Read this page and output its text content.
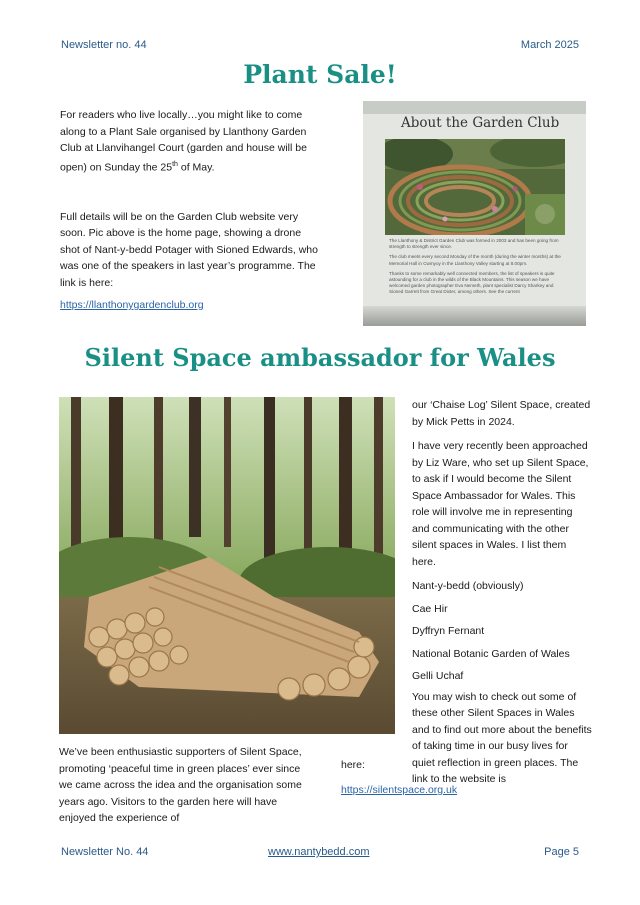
Newsletter no. 44	March 2025
Plant Sale!

For readers who live locally…you might like to come along to a Plant Sale organised by Llanthony Garden Club at Llanvihangel Court (garden and house will be open) on Sunday the 25th of May.

Full details will be on the Garden Club website very soon. Pic above is the home page, showing a drone shot of Nant-y-bedd Potager with Sioned Edwards, who was one of the speakers in last year’s programme. The link is here:

https://llanthonygardenclub.org

About the Garden Club
The Llanthony & District Garden Club was formed in 2003 and has been going from strength to strength ever since.
The club meets every second Monday of the month (during the winter months) at the Memorial Hall in Cwmyoy in the Llanthony Valley starting at 8.00pm.
Thanks to some remarkably well connected members, the list of speakers is quite astounding for a club in the wilds of the Black Mountains. This season we have welcomed garden photographer Eva Nemeth, plant specialist Darcy Sharkey and Sioned Garrett from Great Dixter, among others. See the current
Silent Space ambassador for Wales

our ‘Chaise Log’ Silent Space, created by Mick Petts in 2024.

I have very recently been approached by Liz Ware, who set up Silent Space, to ask if I would become the Silent Space Ambassador for Wales. This role will involve me in representing and communicating with the other silent spaces in Wales. I list them here.

Nant-y-bedd (obviously)
Cae Hir
Dyffryn Fernant
National Botanic Garden of Wales
Gelli Uchaf

You may wish to check out some of these other Silent Spaces in Wales and to find out more about the benefits of taking time in our busy lives for quiet reflection in green places. The link to the website is

We’ve been enthusiastic supporters of Silent Space, promoting ‘peaceful time in green places’ ever since we came across the idea and the organisation some years ago. Visitors to the garden here will have enjoyed the experience of
here:
https://silentspace.org.uk
Newsletter No. 44	www.nantybedd.com	Page 5
